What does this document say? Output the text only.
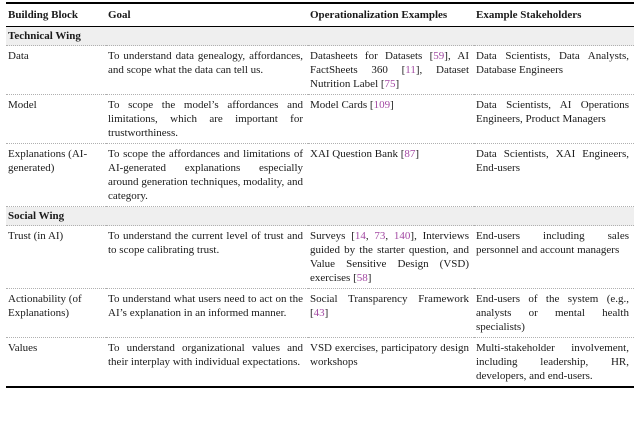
Building Block	Goal	Operationalization Examples	Example Stakeholders
Technical Wing			
Data	To understand data genealogy, affordances, and scope what the data can tell us.	Datasheets for Datasets [59], AI FactSheets 360 [11], Dataset Nutrition Label [75]	Data Scientists, Data Analysts, Database Engineers
Model	To scope the model’s affordances and limitations, which are important for trustworthiness.	Model Cards [109]	Data Scientists, AI Operations Engineers, Product Managers
Explanations (AI-generated)	To scope the affordances and limitations of AI-generated explanations especially around generation techniques, modality, and category.	XAI Question Bank [87]	Data Scientists, XAI Engineers, End-users
Social Wing			
Trust (in AI)	To understand the current level of trust and to scope calibrating trust.	Surveys [14, 73, 140], Interviews guided by the starter question, and Value Sensitive Design (VSD) exercises [58]	End-users including sales personnel and account managers
Actionability (of Explanations)	To understand what users need to act on the AI’s explanation in an informed manner.	Social Transparency Framework [43]	End-users of the system (e.g., analysts or mental health specialists)
Values	To understand organizational values and their interplay with individual expectations.	VSD exercises, participatory design workshops	Multi-stakeholder involvement, including leadership, HR, developers, and end-users.
